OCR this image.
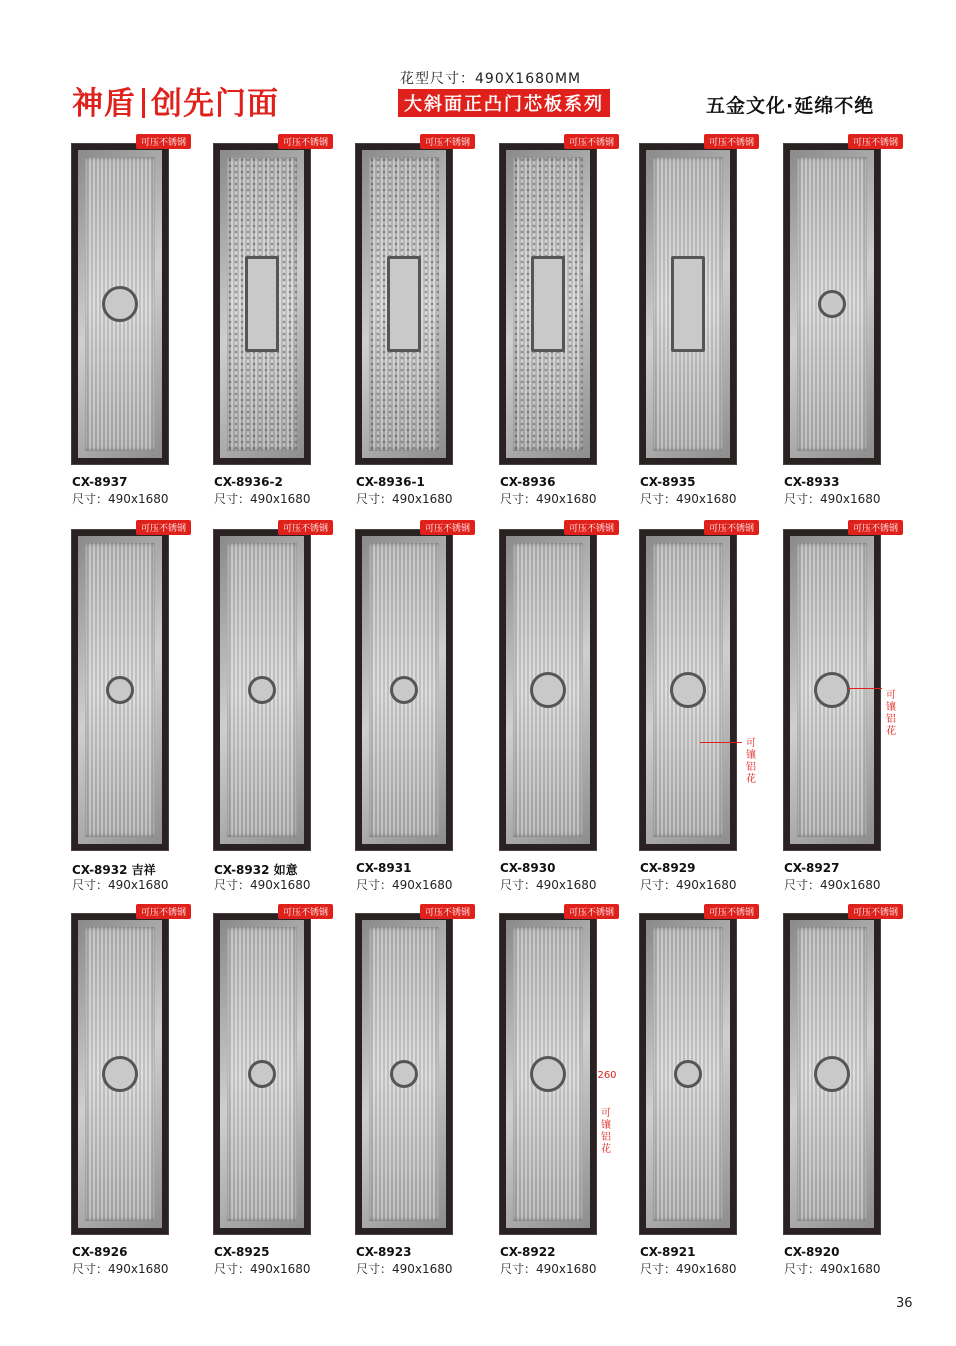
神盾 创先门面
花型尺寸：490X1680MM
大斜面正凸门芯板系列	五金文化·延绵不绝
可压不锈钢
CX-8937
尺寸：490x1680
可压不锈钢
CX-8936-2
尺寸：490x1680
可压不锈钢
CX-8936-1
尺寸：490x1680
可压不锈钢
CX-8936
尺寸：490x1680
可压不锈钢
CX-8935
尺寸：490x1680
可压不锈钢
CX-8933
尺寸：490x1680
可压不锈钢
CX-8932 吉祥
尺寸：490x1680
可压不锈钢
CX-8932 如意
尺寸：490x1680
可压不锈钢
CX-8931
尺寸：490x1680
可压不锈钢
CX-8930
尺寸：490x1680
可压不锈钢
CX-8929
尺寸：490x1680
可压不锈钢
CX-8927
尺寸：490x1680
可压不锈钢
CX-8926
尺寸：490x1680
可压不锈钢
CX-8925
尺寸：490x1680
可压不锈钢
CX-8923
尺寸：490x1680
可压不锈钢
CX-8922
尺寸：490x1680
可压不锈钢
CX-8921
尺寸：490x1680
可压不锈钢
CX-8920
尺寸：490x1680
可镶铝花
可镶铝花
260
可镶铝花
36
